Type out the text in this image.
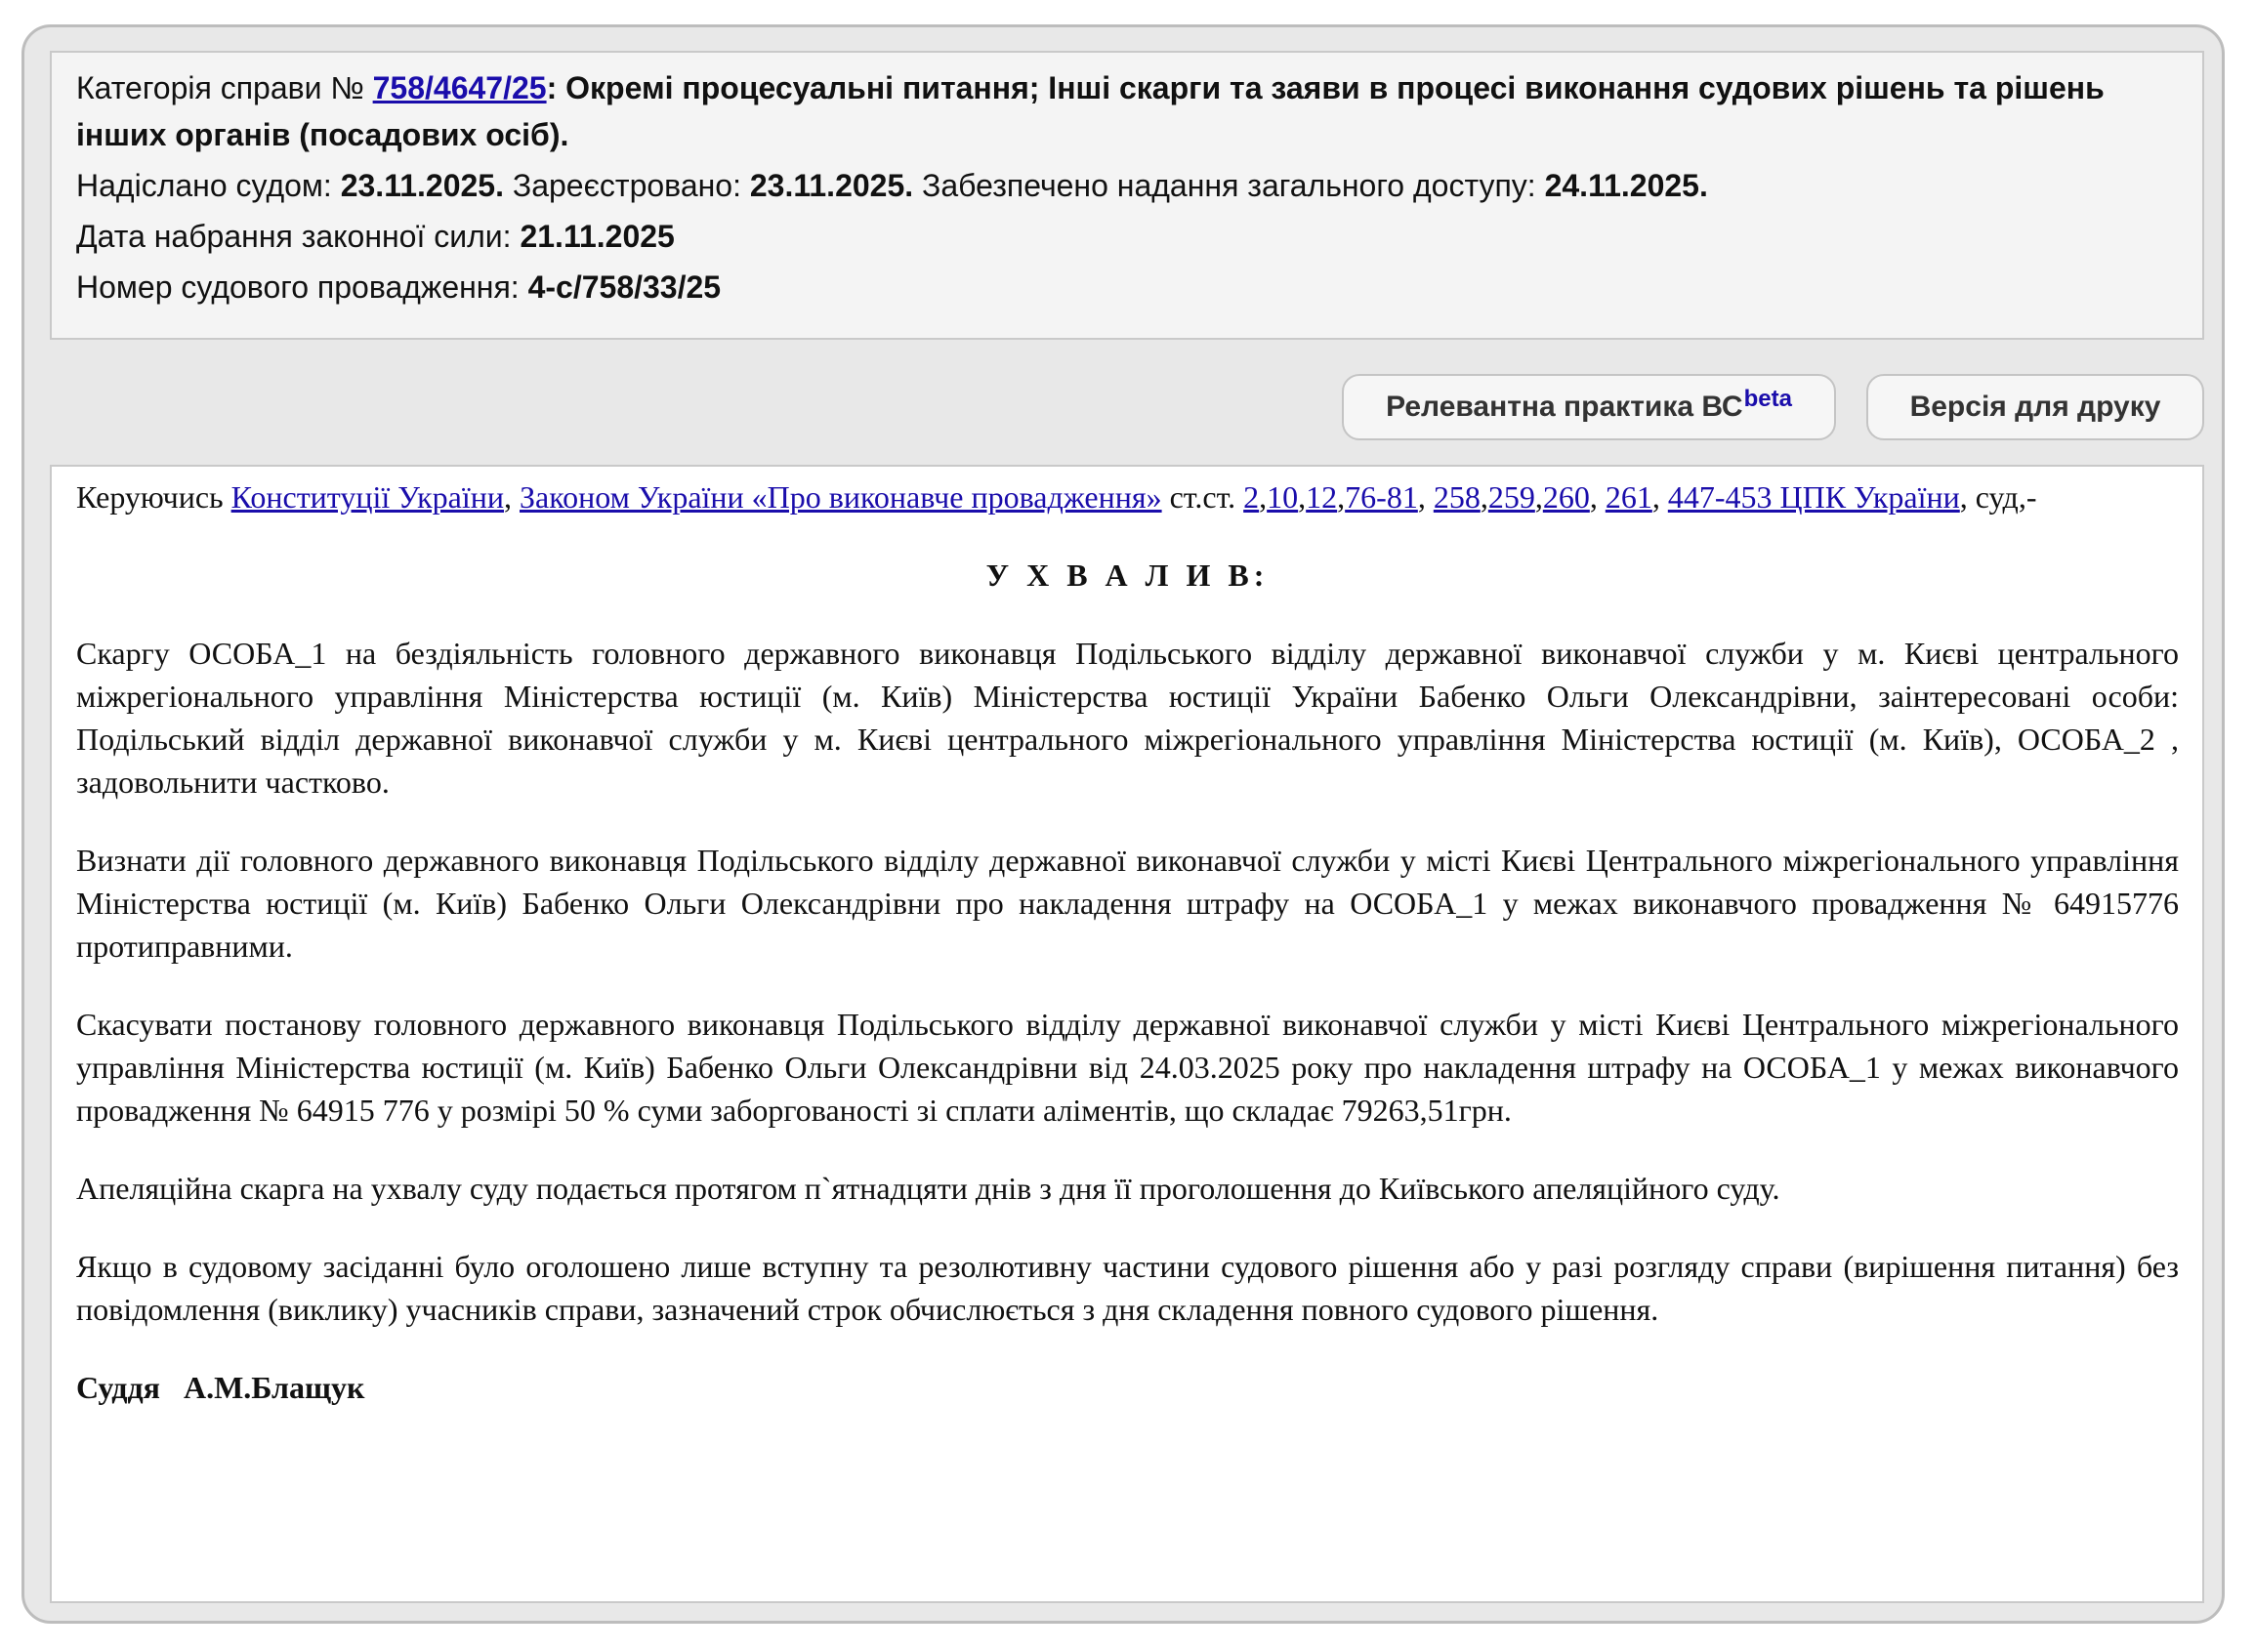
Категорія справи № 758/4647/25: Окремі процесуальні питання; Інші скарги та заяви в процесі виконання судових рішень та рішень інших органів (посадових осіб).

Надіслано судом: 23.11.2025. Зареєстровано: 23.11.2025. Забезпечено надання загального доступу: 24.11.2025.

Дата набрання законної сили: 21.11.2025

Номер судового провадження: 4-с/758/33/25

Релевантна практика $ВС^{beta}$	Версія для друку

Керуючись Конституції України, Законом України «Про виконавче провадження» ст.ст. 2,10,12,76-81, 258,259,260, 261, 447-453 ЦПК України, суд,-

У Х В А Л И В:

Скаргу ОСОБА_1 на бездіяльність головного державного виконавця Подільського відділу державної виконавчої служби у м. Києві центрального міжрегіонального управління Міністерства юстиції (м. Київ) Міністерства юстиції України Бабенко Ольги Олександрівни, заінтересовані особи: Подільський відділ державної виконавчої служби у м. Києві центрального міжрегіонального управління Міністерства юстиції (м. Київ), ОСОБА_2 , задовольнити частково.

Визнати дії головного державного виконавця Подільського відділу державної виконавчої служби у місті Києві Центрального міжрегіонального управління Міністерства юстиції (м. Київ) Бабенко Ольги Олександрівни про накладення штрафу на ОСОБА_1 у межах виконавчого провадження № 64915776 протиправними.

Скасувати постанову головного державного виконавця Подільського відділу державної виконавчої служби у місті Києві Центрального міжрегіонального управління Міністерства юстиції (м. Київ) Бабенко Ольги Олександрівни від 24.03.2025 року про накладення штрафу на ОСОБА_1 у межах виконавчого провадження № 64915 776 у розмірі 50 % суми заборгованості зі сплати аліментів, що складає 79263,51грн.

Апеляційна скарга на ухвалу суду подається протягом п`ятнадцяти днів з дня її проголошення до Київського апеляційного суду.

Якщо в судовому засіданні було оголошено лише вступну та резолютивну частини судового рішення або у разі розгляду справи (вирішення питання) без повідомлення (виклику) учасників справи, зазначений строк обчислюється з дня складення повного судового рішення.

Суддя   А.М.Блащук
